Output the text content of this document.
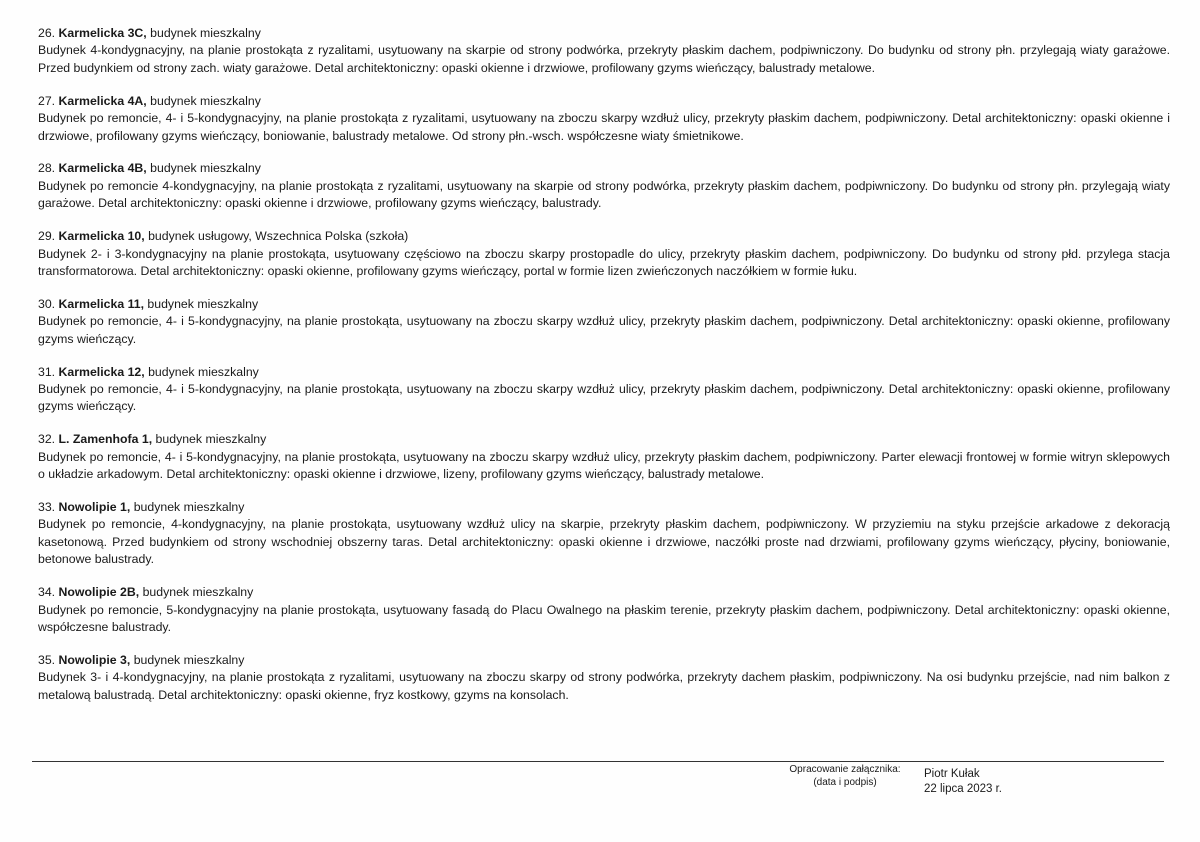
26. Karmelicka 3C, budynek mieszkalny
Budynek 4-kondygnacyjny, na planie prostokąta z ryzalitami, usytuowany na skarpie od strony podwórka, przekryty płaskim dachem, podpiwniczony. Do budynku od strony płn. przylegają wiaty garażowe. Przed budynkiem od strony zach. wiaty garażowe. Detal architektoniczny: opaski okienne i drzwiowe, profilowany gzyms wieńczący, balustrady metalowe.
27. Karmelicka 4A, budynek mieszkalny
Budynek po remoncie, 4- i 5-kondygnacyjny, na planie prostokąta z ryzalitami, usytuowany na zboczu skarpy wzdłuż ulicy, przekryty płaskim dachem, podpiwniczony. Detal architektoniczny: opaski okienne i drzwiowe, profilowany gzyms wieńczący, boniowanie, balustrady metalowe. Od strony płn.-wsch. współczesne wiaty śmietnikowe.
28. Karmelicka 4B, budynek mieszkalny
Budynek po remoncie 4-kondygnacyjny, na planie prostokąta z ryzalitami, usytuowany na skarpie od strony podwórka, przekryty płaskim dachem, podpiwniczony. Do budynku od strony płn. przylegają wiaty garażowe. Detal architektoniczny: opaski okienne i drzwiowe, profilowany gzyms wieńczący, balustrady.
29. Karmelicka 10, budynek usługowy, Wszechnica Polska (szkoła)
Budynek 2- i 3-kondygnacyjny na planie prostokąta, usytuowany częściowo na zboczu skarpy prostopadle do ulicy, przekryty płaskim dachem, podpiwniczony. Do budynku od strony płd. przylega stacja transformatorowa. Detal architektoniczny: opaski okienne, profilowany gzyms wieńczący, portal w formie lizen zwieńczonych naczółkiem w formie łuku.
30. Karmelicka 11, budynek mieszkalny
Budynek po remoncie, 4- i 5-kondygnacyjny, na planie prostokąta, usytuowany na zboczu skarpy wzdłuż ulicy, przekryty płaskim dachem, podpiwniczony. Detal architektoniczny: opaski okienne, profilowany gzyms wieńczący.
31. Karmelicka 12, budynek mieszkalny
Budynek po remoncie, 4- i 5-kondygnacyjny, na planie prostokąta, usytuowany na zboczu skarpy wzdłuż ulicy, przekryty płaskim dachem, podpiwniczony. Detal architektoniczny: opaski okienne, profilowany gzyms wieńczący.
32. L. Zamenhofa 1, budynek mieszkalny
Budynek po remoncie, 4- i 5-kondygnacyjny, na planie prostokąta, usytuowany na zboczu skarpy wzdłuż ulicy, przekryty płaskim dachem, podpiwniczony. Parter elewacji frontowej w formie witryn sklepowych o układzie arkadowym. Detal architektoniczny: opaski okienne i drzwiowe, lizeny, profilowany gzyms wieńczący, balustrady metalowe.
33. Nowolipie 1, budynek mieszkalny
Budynek po remoncie, 4-kondygnacyjny, na planie prostokąta, usytuowany wzdłuż ulicy na skarpie, przekryty płaskim dachem, podpiwniczony. W przyziemiu na styku przejście arkadowe z dekoracją kasetonową. Przed budynkiem od strony wschodniej obszerny taras. Detal architektoniczny: opaski okienne i drzwiowe, naczółki proste nad drzwiami, profilowany gzyms wieńczący, płyciny, boniowanie, betonowe balustrady.
34. Nowolipie 2B, budynek mieszkalny
Budynek po remoncie, 5-kondygnacyjny na planie prostokąta, usytuowany fasadą do Placu Owalnego na płaskim terenie, przekryty płaskim dachem, podpiwniczony. Detal architektoniczny: opaski okienne, współczesne balustrady.
35. Nowolipie 3, budynek mieszkalny
Budynek 3- i 4-kondygnacyjny, na planie prostokąta z ryzalitami, usytuowany na zboczu skarpy od strony podwórka, przekryty dachem płaskim, podpiwniczony. Na osi budynku przejście, nad nim balkon z metalową balustradą. Detal architektoniczny: opaski okienne, fryz kostkowy, gzyms na konsolach.
Opracowanie załącznika:
(data i podpis)
Piotr Kułak
22 lipca 2023 r.
